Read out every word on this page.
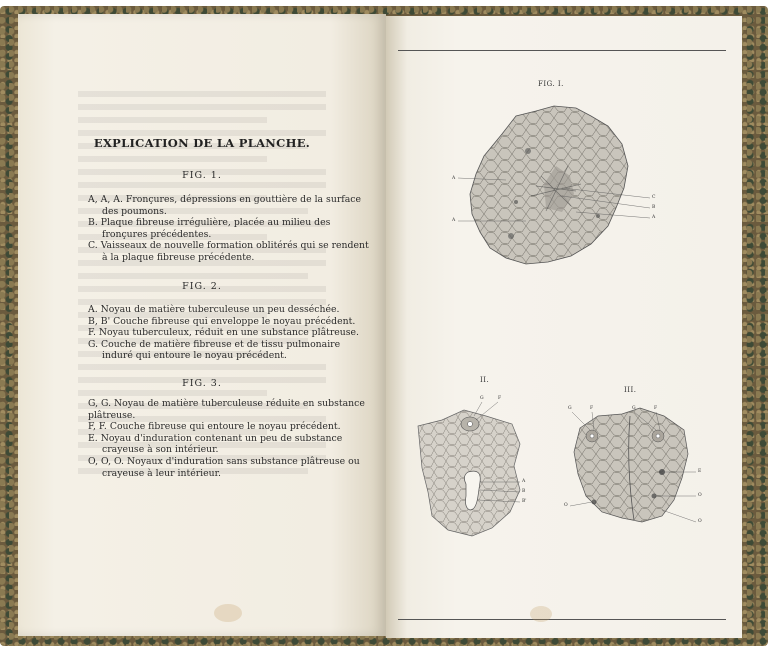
EXPLICATION DE LA PLANCHE.
FIG. 1.

A, A, A. Fronçures, dépressions en gouttière de la surface des poumons.

B. Plaque fibreuse irrégulière, placée au milieu des fronçures précédentes.

C. Vaisseaux de nouvelle formation oblitérés qui se rendent à la plaque fibreuse précédente.

FIG. 2.

A. Noyau de matière tuberculeuse un peu desséchée.

B, B' Couche fibreuse qui enveloppe le noyau précédent.

F. Noyau tuberculeux, réduit en une substance plâtreuse.

G. Couche de matière fibreuse et de tissu pulmonaire induré qui entoure le noyau précédent.

FIG. 3.

G, G. Noyau de matière tuberculeuse réduite en substance plâtreuse.

F, F. Couche fibreuse qui entoure le noyau précédent.

E. Noyau d'induration contenant un peu de substance crayeuse à son intérieur.

O, O, O. Noyaux d'induration sans substance plâtreuse ou crayeuse à leur intérieur.

FIG. I.
A
A
C
B
A
II.
G	F
A
B
B'
III.
G	F	G	F
E
O
O
O
